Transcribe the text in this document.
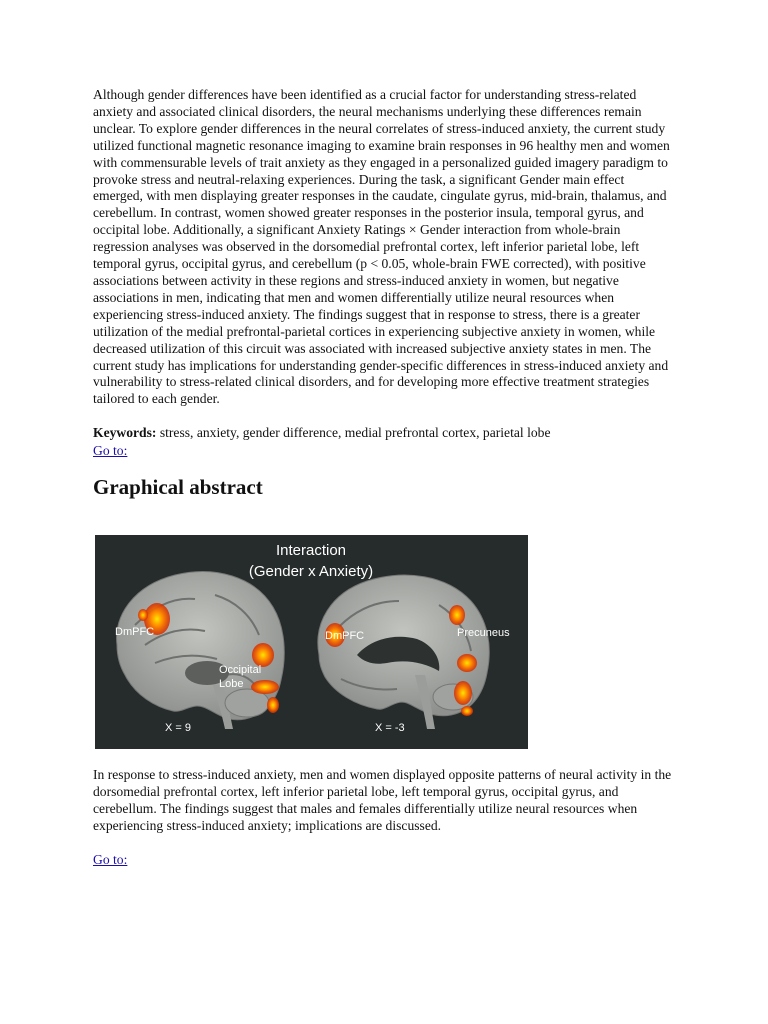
Although gender differences have been identified as a crucial factor for understanding stress-related anxiety and associated clinical disorders, the neural mechanisms underlying these differences remain unclear. To explore gender differences in the neural correlates of stress-induced anxiety, the current study utilized functional magnetic resonance imaging to examine brain responses in 96 healthy men and women with commensurable levels of trait anxiety as they engaged in a personalized guided imagery paradigm to provoke stress and neutral-relaxing experiences. During the task, a significant Gender main effect emerged, with men displaying greater responses in the caudate, cingulate gyrus, mid-brain, thalamus, and cerebellum. In contrast, women showed greater responses in the posterior insula, temporal gyrus, and occipital lobe. Additionally, a significant Anxiety Ratings × Gender interaction from whole-brain regression analyses was observed in the dorsomedial prefrontal cortex, left inferior parietal lobe, left temporal gyrus, occipital gyrus, and cerebellum (p < 0.05, whole-brain FWE corrected), with positive associations between activity in these regions and stress-induced anxiety in women, but negative associations in men, indicating that men and women differentially utilize neural resources when experiencing stress-induced anxiety. The findings suggest that in response to stress, there is a greater utilization of the medial prefrontal-parietal cortices in experiencing subjective anxiety in women, while decreased utilization of this circuit was associated with increased subjective anxiety states in men. The current study has implications for understanding gender-specific differences in stress-induced anxiety and vulnerability to stress-related clinical disorders, and for developing more effective treatment strategies tailored to each gender.

Keywords: stress, anxiety, gender difference, medial prefrontal cortex, parietal lobe

Go to:
Graphical abstract
Interaction
(Gender x Anxiety)
DmPFC
Occipital
Lobe
DmPFC	Precuneus
X = 9	X = -3

In response to stress-induced anxiety, men and women displayed opposite patterns of neural activity in the dorsomedial prefrontal cortex, left inferior parietal lobe, left temporal gyrus, occipital gyrus, and cerebellum. The findings suggest that males and females differentially utilize neural resources when experiencing stress-induced anxiety; implications are discussed.

Go to:
